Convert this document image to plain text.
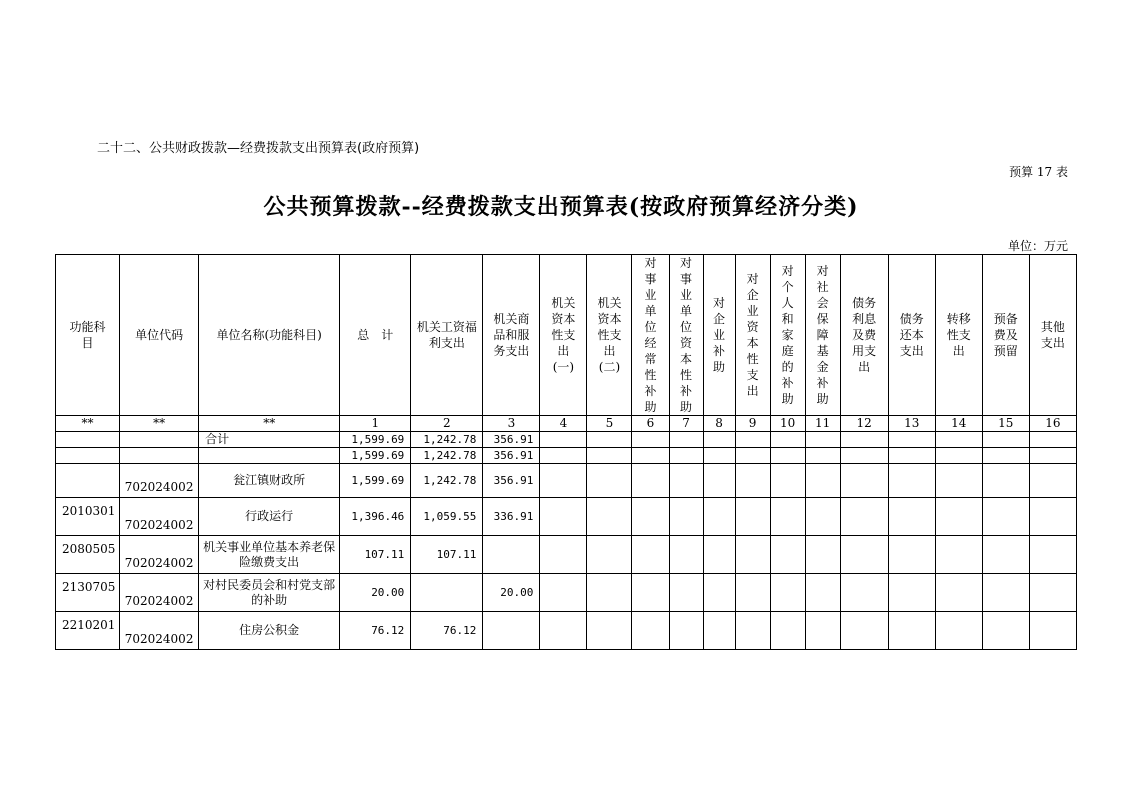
二十二、公共财政拨款—经费拨款支出预算表(政府预算)
预算 17 表
公共预算拨款--经费拨款支出预算表(按政府预算经济分类)
单位：万元
功能科目	单位代码	单位名称(功能科目)	总　计	机关工资福利支出	机关商品和服务支出	机关资本性支出(一)	机关资本性支出(二)	对事业单位经常性补助	对事业单位资本性补助	对企业补助	对企业资本性支出	对个人和家庭的补助	对社会保障基金补助	债务利息及费用支出	债务还本支出	转移性支出	预备费及预留	其他支出
**	**	**	1	2	3	4	5	6	7	8	9	10	11	12	13	14	15	16
		合计	1,599.69	1,242.78	356.91													
			1,599.69	1,242.78	356.91													
	702024002	瓮江镇财政所	1,599.69	1,242.78	356.91													
2010301	702024002	行政运行	1,396.46	1,059.55	336.91													
2080505	702024002	机关事业单位基本养老保险缴费支出	107.11	107.11														
2130705	702024002	对村民委员会和村党支部的补助	20.00		20.00													
2210201	702024002	住房公积金	76.12	76.12														
